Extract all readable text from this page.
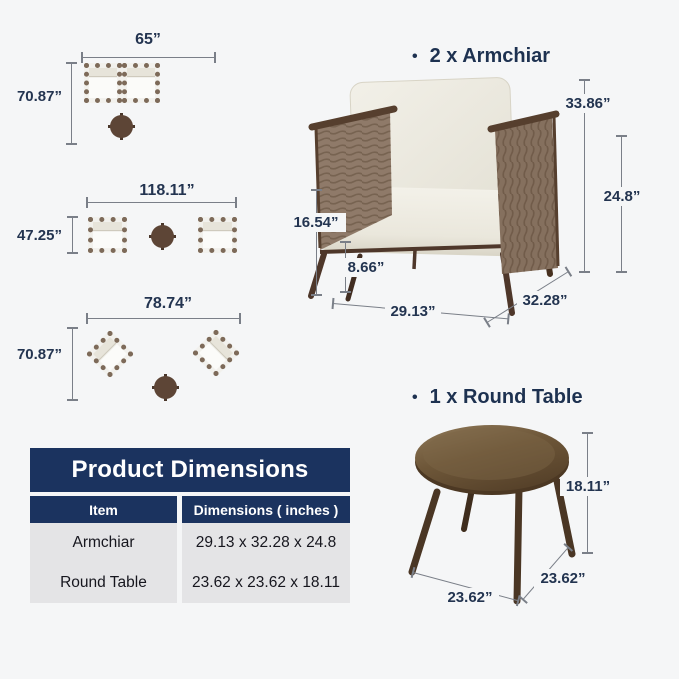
65”
70.87”
118.11”
47.25”
78.74”
70.87”
• 2 x Armchiar
33.86”
24.8”
16.54”
8.66”
29.13”
32.28”
• 1 x Round Table
18.11”
23.62”
23.62”
Product Dimensions
Item
Armchiar
Round Table
Dimensions ( inches )
29.13 x 32.28 x 24.8
23.62 x 23.62 x 18.11
